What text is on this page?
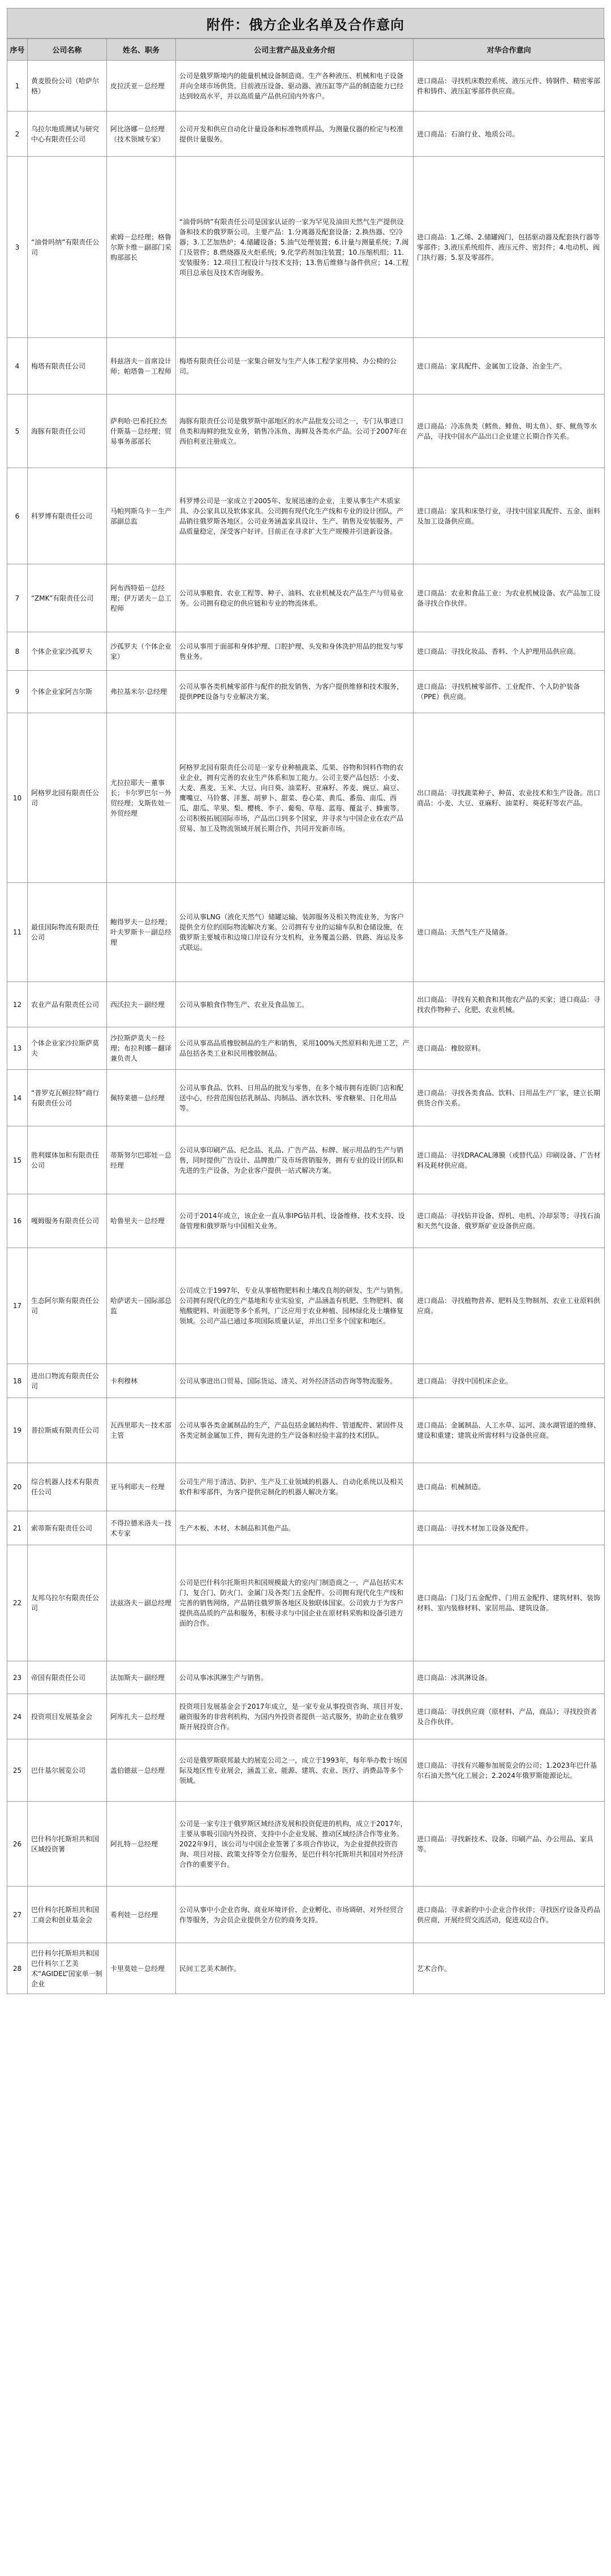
附件：俄方企业名单及合作意向
序号	公司名称	姓名、职务	公司主营产品及业务介绍	对华合作意向
1	黄麦股份公司（哈萨尔格）	皮拉沃亚－总经理	公司是俄罗斯境内的能量机械设备制造商。生产各种液压、机械和电子设备并向全球市场供货。目前液压设备、驱动器、液压缸等产品的制造能力已经达到较高水平，并以高质量产品供应国内外客户。	进口商品：寻找机床数控系统、液压元件、铸钢件、精密零部件和铸件、液压缸零部件供应商。
2	乌拉尔地质测试与研究中心有限责任公司	阿比洛娜－总经理（技术领域专家）	公司开发和供应自动化计量设备和标准物质样品，为测量仪器的检定与校准提供计量服务。	进口商品：石油行业、地质公司。
3	“油骨吗纳”有限责任公司	索姆－总经理；格鲁尔斯卡维－副部门采购部部长	“油骨吗纳”有限责任公司是国家认证的一家为罕见及油田天然气生产提供设备和技术的俄罗斯公司。主要产品：1.分离器及配套设备；2.换热器、空冷器；3.工艺加热炉；4.储罐设备；5.油气处理装置；6.计量与测量系统；7.阀门及管件；8.燃烧器及火炬系统；9.化学药剂加注装置；10.压缩机组；11.安装服务；12.项目工程设计与技术支持；13.售后维修与备件供应；14.工程项目总承包及技术咨询服务。	进口商品：1.乙烯、2.储罐阀门，包括驱动器及配套执行器等零部件；3.液压系统组件、液压元件、密封件；4.电动机、阀门执行器；5.泵及零部件。
4	梅塔有限责任公司	科兹洛夫－首席设计师；帕塔鲁－工程师	梅塔有限责任公司是一家集合研发与生产人体工程学家用椅、办公椅的公司。	进口商品：家具配件、金属加工设备、冶金生产。
5	海豚有限责任公司	萨利哈·巴希托拉杰什斯基－总经理；贸易事务部部长	海豚有限责任公司是俄罗斯中部地区的水产品批发公司之一，专门从事进口鱼类和海鲜的批发业务，销售冷冻鱼、海鲜及各类水产品。公司于2007年在西伯利亚注册成立。	进口商品：冷冻鱼类（鳕鱼、鲱鱼、明太鱼）、虾、鱿鱼等水产品，寻找中国水产品出口企业建立长期合作关系。
6	科罗博有限责任公司	马帕列斯乌卡－生产部副总监	科罗博公司是一家成立于2005年、发展迅速的企业，主要从事生产木质家具、办公家具以及软体家具。公司拥有现代化生产线和专业的设计团队，产品销往俄罗斯各地区。公司业务涵盖家具设计、生产、销售及安装服务，产品质量稳定，深受客户好评。目前正在寻求扩大生产规模并引进新设备。	进口商品：家具和床垫行业，寻找中国家具配件、五金、面料及加工设备供应商。
7	“ZMK”有限责任公司	阿布西特茹－总经理；伊万诺夫－总工程师	公司从事粮食、农业工程等、种子、油料、农业机械及农产品生产与贸易业务。公司拥有稳定的供应链和专业的物流体系。	进口商品：农业和食品工业：为农业机械设备、农产品加工设备寻找合作伙伴。
8	个体企业家沙孤罗夫	沙孤罗夫（个体企业家）	公司从事用于面部和身体护理、口腔护理、头发和身体洗护用品的批发与零售业务。	进口商品：寻找化妆品、香料、个人护理用品供应商。
9	个体企业家阿吉尔斯	弗拉基米尔·总经理	公司从事各类机械零部件与配件的批发销售，为客户提供维修和技术服务，提供PPE设备与专业解决方案。	进口商品：寻找机械零部件、工业配件、个人防护装备（PPE）供应商。
10	阿格罗北园有限责任公司	尤拉拉耶夫－董事长；卡尔罗巴尔－外贸经理；戈斯佐娃－外贸经理	阿格罗北园有限责任公司是一家专业种植蔬菜、瓜果、谷物和饲料作物的农业企业，拥有完善的农业生产体系和加工能力。公司主要产品包括：小麦、大麦、燕麦、玉米、大豆、向日葵、油菜籽、亚麻籽、荞麦、豌豆、扁豆、鹰嘴豆、马铃薯、洋葱、胡萝卜、甜菜、卷心菜、黄瓜、番茄、南瓜、西瓜、甜瓜、苹果、梨、樱桃、李子、葡萄、草莓、蓝莓、覆盆子、蜂蜜等。公司积极拓展国际市场，产品出口到多个国家，并寻求与中国企业在农产品贸易、加工及物流领域开展长期合作，共同开发新市场。	出口商品：寻找蔬菜种子、种苗、农业技术和生产设备。出口商品：小麦、大豆、亚麻籽、油菜籽、葵花籽等农产品。
11	最佳国际物流有限责任公司	鲍得罗夫－总经理；叶夫罗斯卡－副总经理	公司从事LNG（液化天然气）储罐运输、装卸服务及相关物流业务，为客户提供全方位的国际物流解决方案。公司拥有专业的运输车队和仓储设施，在俄罗斯主要城市和边境口岸设有分支机构，业务覆盖公路、铁路、海运及多式联运。	进口商品：天然气生产及储备。
12	农业产品有限责任公司	西沃拉夫－副经理	公司从事粮食作物生产、农业及食品加工。	出口商品：寻找有关粮食和其他农产品的买家；进口商品：寻找农作物种子、化肥、农业机械。
13	个体企业家沙拉斯萨莫夫	沙拉斯萨莫夫－经理；布拉利娜－翻译兼负责人	公司从事高品质橡胶制品的生产和销售，采用100%天然原料和先进工艺，产品包括各类工业和民用橡胶制品。	进口商品：橡胶原料。
14	“普罗克瓦顿拉特”商行有限责任公司	佩特莱德－总经理	公司从事食品、饮料、日用品的批发与零售，在多个城市拥有连锁门店和配送中心，经营范围包括乳制品、肉制品、酒水饮料、零食糖果、日化用品等。	进口商品：寻找各类食品、饮料、日用品生产厂家，建立长期供货合作关系。
15	胜利媒体加和有限责任公司	蒂斯努尔巴耶娃－总经理	公司从事印刷产品、纪念品、礼品、广告产品、标牌、展示用品的生产与销售，同时提供广告设计、品牌推广及市场营销服务，拥有专业的设计团队和先进的生产设备，为企业客户提供一站式解决方案。	进口商品：寻找DRACAL薄膜（或替代品）印刷设备、广告材料及耗材供应商。
16	嘎姆服务有限责任公司	哈鲁里夫－总经理	公司于2014年成立，该企业一直从事IPG钻井机、设备维修、技术支持、设备管理和俄罗斯与中国相关业务。	进口商品：寻找钻井设备、焊机、电机、冷却泵等；寻找石油和天然气设备、俄罗斯矿业设备供应商。
17	生态阿尔斯有限责任公司	哈萨诺夫－国际部总监	公司成立于1997年，专业从事植物肥料和土壤改良剂的研发、生产与销售。公司拥有现代化的生产基地和专业实验室，产品涵盖有机肥、生物肥料、腐殖酸肥料、叶面肥等多个系列，广泛应用于农业种植、园林绿化及土壤修复领域。公司产品已通过多项国际质量认证，并出口至多个国家和地区。	进口商品：寻找植物营养、肥料及生物制剂、农业工业原料供应商。
18	进出口物流有限责任公司	卡利穆林	公司从事进出口贸易、国际货运、清关、对外经济活动咨询等物流服务。	进口商品：寻找中国机床企业。
19	普拉斯威有限责任公司	瓦西里耶夫－技术部主管	公司从事各类金属制品的生产，产品包括金属结构件、管道配件、紧固件及各类定制金属加工件，拥有先进的生产设备和经验丰富的技术团队。	进口商品：金属制品、人工水草、运河、淡水湖管道的维修、建设和重建；建筑业所需材料与设备供应商。
20	综合机器人技术有限责任公司	亚马利耶夫－经理	公司生产用于清洁、防护、生产及工业领域的机器人、自动化系统以及相关软件和零部件，为客户提供定制化的机器人解决方案。	进口商品：机械制造。
21	索蒂斯有限责任公司	不得拉德米洛夫－技术专家	生产木板、木材、木制品和其他产品。	进口商品：寻找木材加工设备及配件。
22	友邦乌拉尔有限责任公司	法兹洛夫－副总经理	公司是巴什科尔托斯坦共和国规模最大的室内门制造商之一，产品包括实木门、复合门、防火门、金属门及各类门五金配件。公司拥有现代化生产线和完善的销售网络，产品销往俄罗斯各地区及独联体国家。公司致力于为客户提供高品质的产品和服务，积极寻求与中国企业在原材料采购和设备引进方面的合作。	进口商品：门及门五金配件、门用五金配件、建筑材料、装饰材料、室内装修材料、家居用品、建筑设备。
23	帝国有限责任公司	法加斯夫－副经理	公司从事冰淇淋生产与销售。	进口商品：冰淇淋设备。
24	投资项目发展基金会	阿库扎夫－总经理	投资项目发展基金会于2017年成立，是一家专业从事投资咨询、项目开发、融资服务的非营利机构，为国内外投资者提供一站式服务，协助企业在俄罗斯开展投资合作。	进口商品：寻找供应商（原材料、产品，商品）；寻找投资者及合作伙伴。
25	巴什基尔展览公司	盖伯德兹－总经理	公司是俄罗斯联邦最大的展览公司之一，成立于1993年，每年举办数十场国际及地区性专业展会，涵盖工业、能源、建筑、农业、医疗、消费品等多个领域。	进口商品：寻找有兴趣参加展览会的公司；1.2023年巴什基尔石油天然气化工展会；2.2024年俄罗斯能源论坛。
26	巴什科尔托斯坦共和国区域投资署	阿扎特－总经理	公司是一家专注于俄罗斯区域经济发展和投资促进的机构，成立于2017年，主要从事吸引国内外投资、支持中小企业发展、推动区域经济合作等业务。2022年9月，该公司与中国企业签署了多项合作协议，为企业提供投资咨询、项目对接、政策支持等全方位服务，是巴什科尔托斯坦共和国对外经济合作的重要平台。	进口商品：寻找新技术、设备、印刷产品、办公用品、家具等。
27	巴什科尔托斯坦共和国工商会和创业基金会	希利娃－总经理	公司从事中小企业咨询、商业环境评价、企业孵化、市场调研、对外经贸合作等服务，为会员企业提供全方位的商务支持。	进口商品：寻求新的中小企业合作伙伴；寻找医疗设备及药品供应商，开展经贸交流活动，促进双边合作。
28	巴什科尔托斯坦共和国巴什科尔工艺美术“AGIDEL”国家单一制企业	卡里莫娃－总经理	民间工艺美术制作。	艺术合作。
